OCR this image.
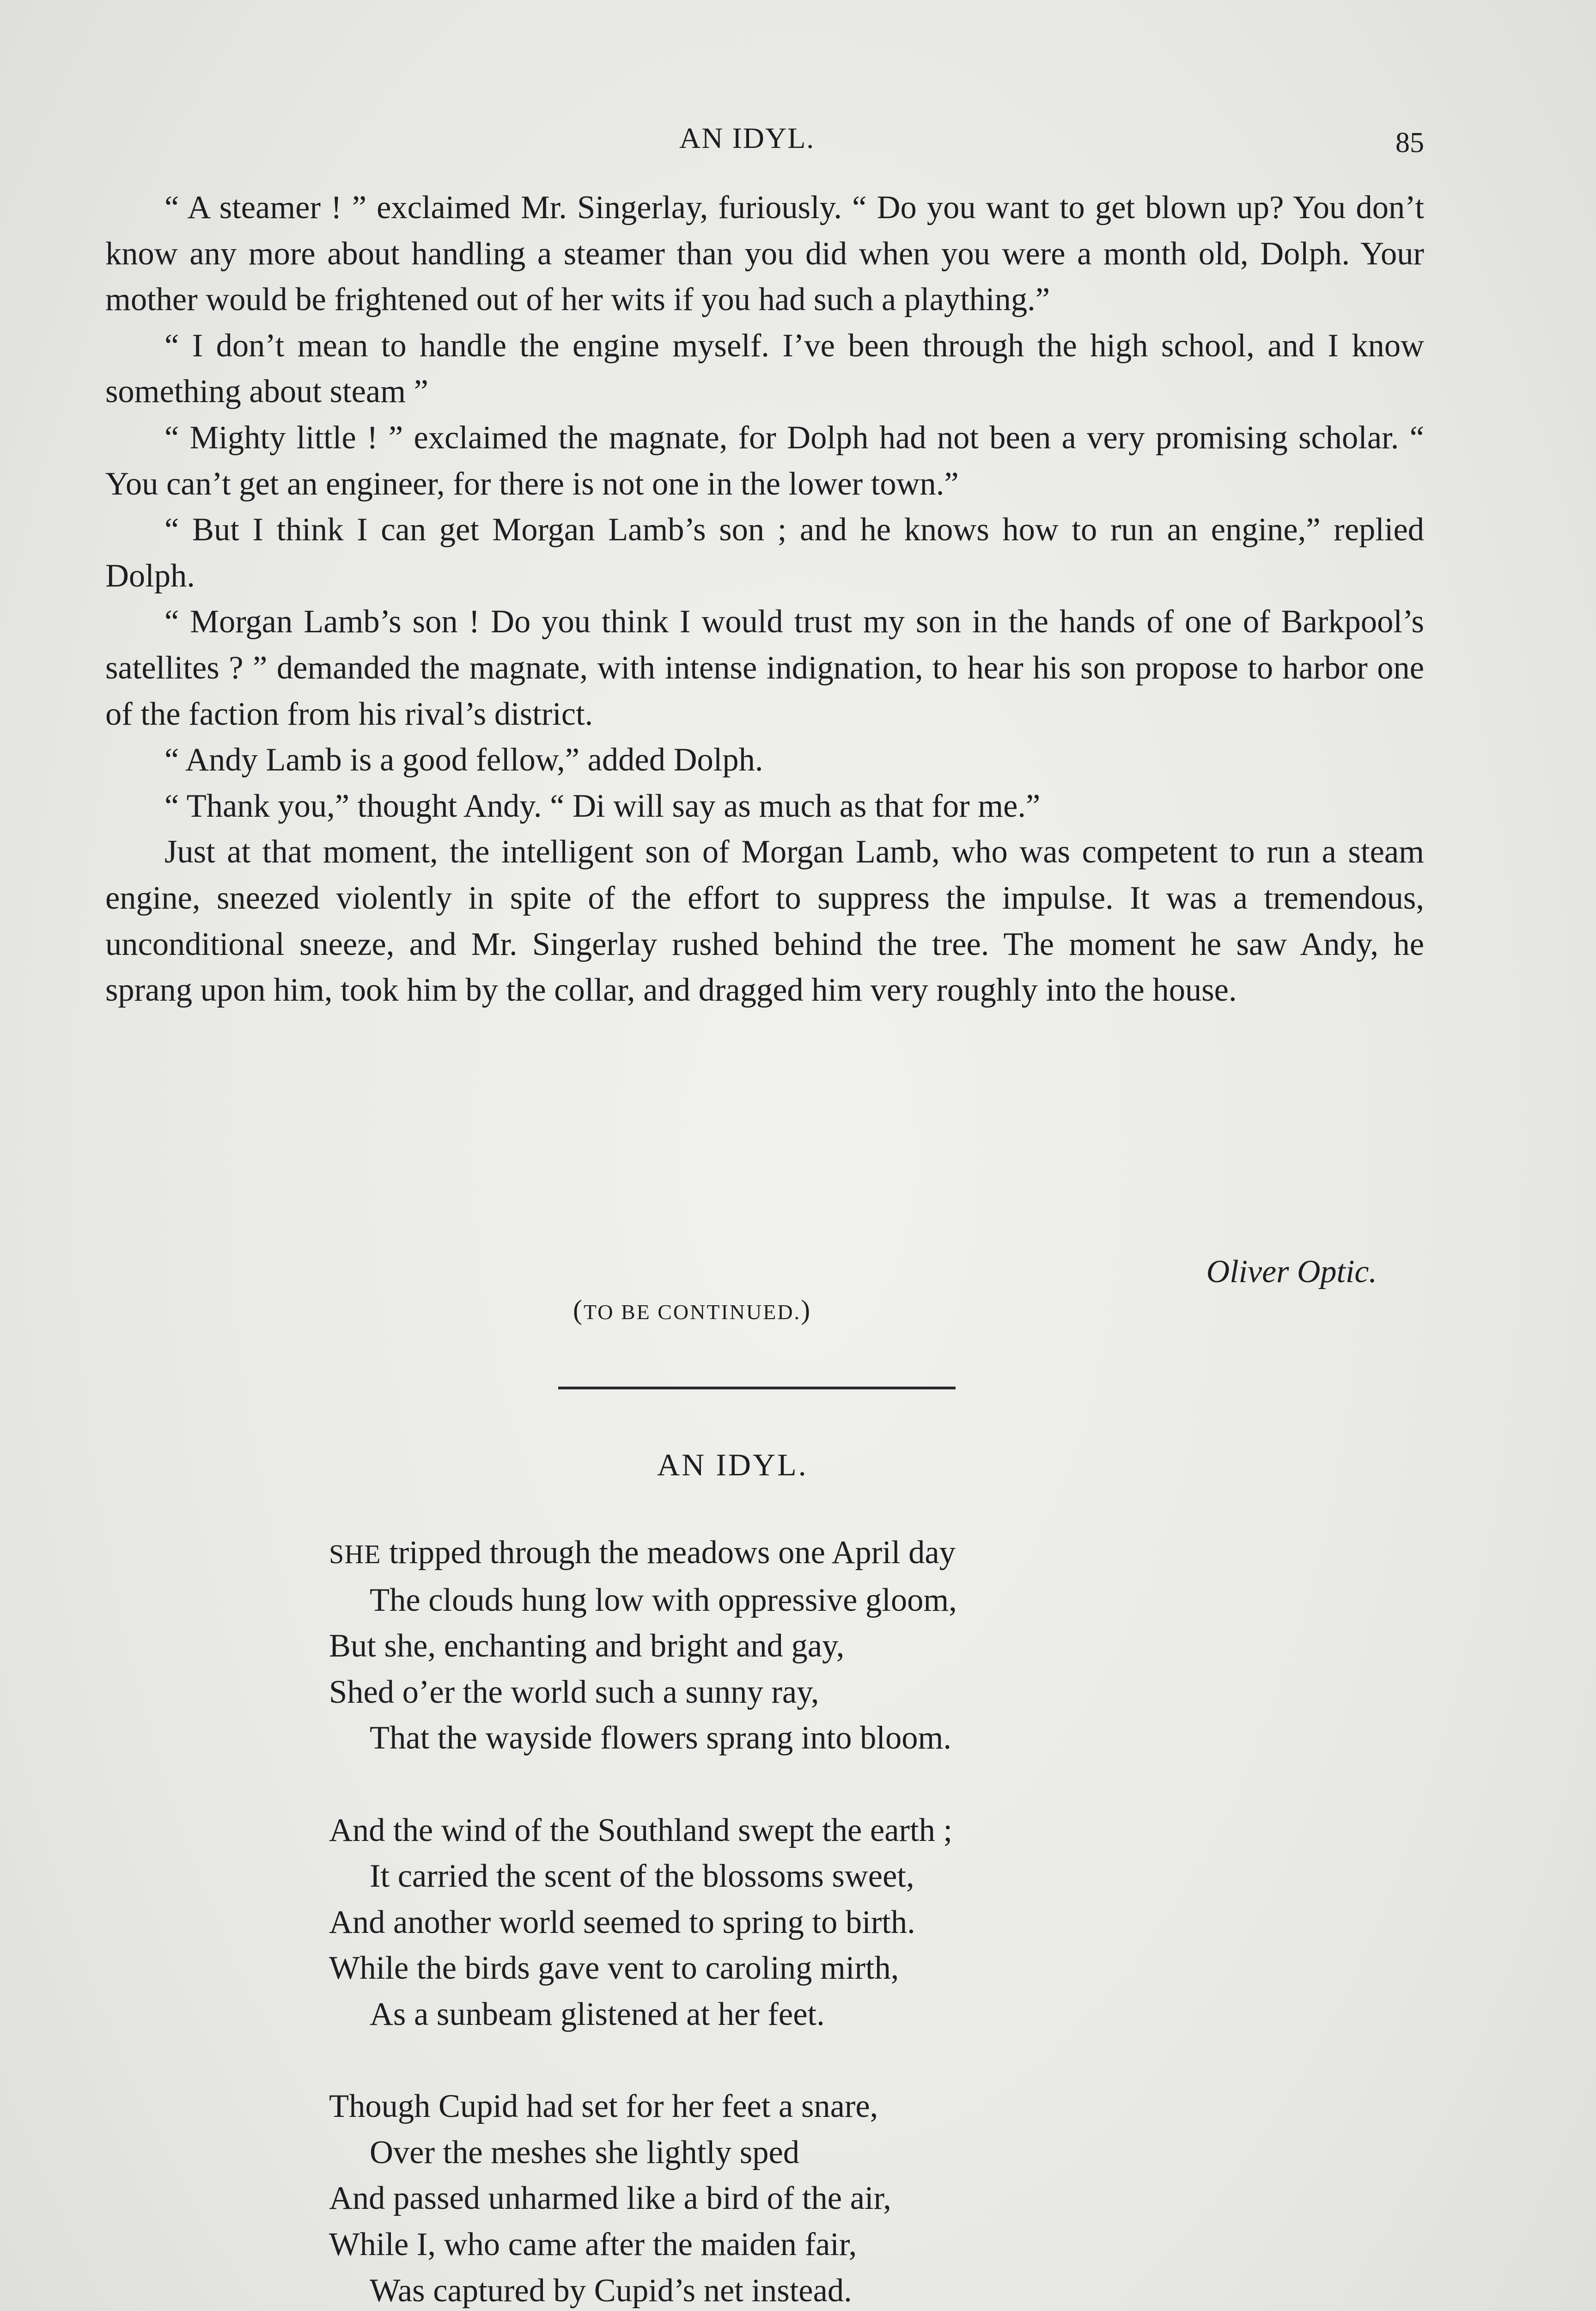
AN IDYL.	85

“ A steamer ! ” exclaimed Mr. Singerlay, furiously. “ Do you want to get blown up? You don’t know any more about handling a steamer than you did when you were a month old, Dolph. Your mother would be frightened out of her wits if you had such a plaything.”

“ I don’t mean to handle the engine myself. I’ve been through the high school, and I know something about steam ”

“ Mighty little ! ” exclaimed the magnate, for Dolph had not been a very promising scholar. “ You can’t get an engineer, for there is not one in the lower town.”

“ But I think I can get Morgan Lamb’s son ; and he knows how to run an engine,” replied Dolph.

“ Morgan Lamb’s son ! Do you think I would trust my son in the hands of one of Barkpool’s satellites ? ” demanded the magnate, with intense indignation, to hear his son propose to harbor one of the faction from his rival’s district.

“ Andy Lamb is a good fellow,” added Dolph.

“ Thank you,” thought Andy. “ Di will say as much as that for me.”

Just at that moment, the intelligent son of Morgan Lamb, who was competent to run a steam engine, sneezed violently in spite of the effort to suppress the impulse. It was a tremendous, unconditional sneeze, and Mr. Singerlay rushed behind the tree. The moment he saw Andy, he sprang upon him, took him by the collar, and dragged him very roughly into the house.

Oliver Optic.
(TO BE CONTINUED.)
AN IDYL.
SHE tripped through the meadows one April day
The clouds hung low with oppressive gloom,
But she, enchanting and bright and gay,
Shed o’er the world such a sunny ray,
That the wayside flowers sprang into bloom.
And the wind of the Southland swept the earth ;
It carried the scent of the blossoms sweet,
And another world seemed to spring to birth.
While the birds gave vent to caroling mirth,
As a sunbeam glistened at her feet.
Though Cupid had set for her feet a snare,
Over the meshes she lightly sped
And passed unharmed like a bird of the air,
While I, who came after the maiden fair,
Was captured by Cupid’s net instead.
